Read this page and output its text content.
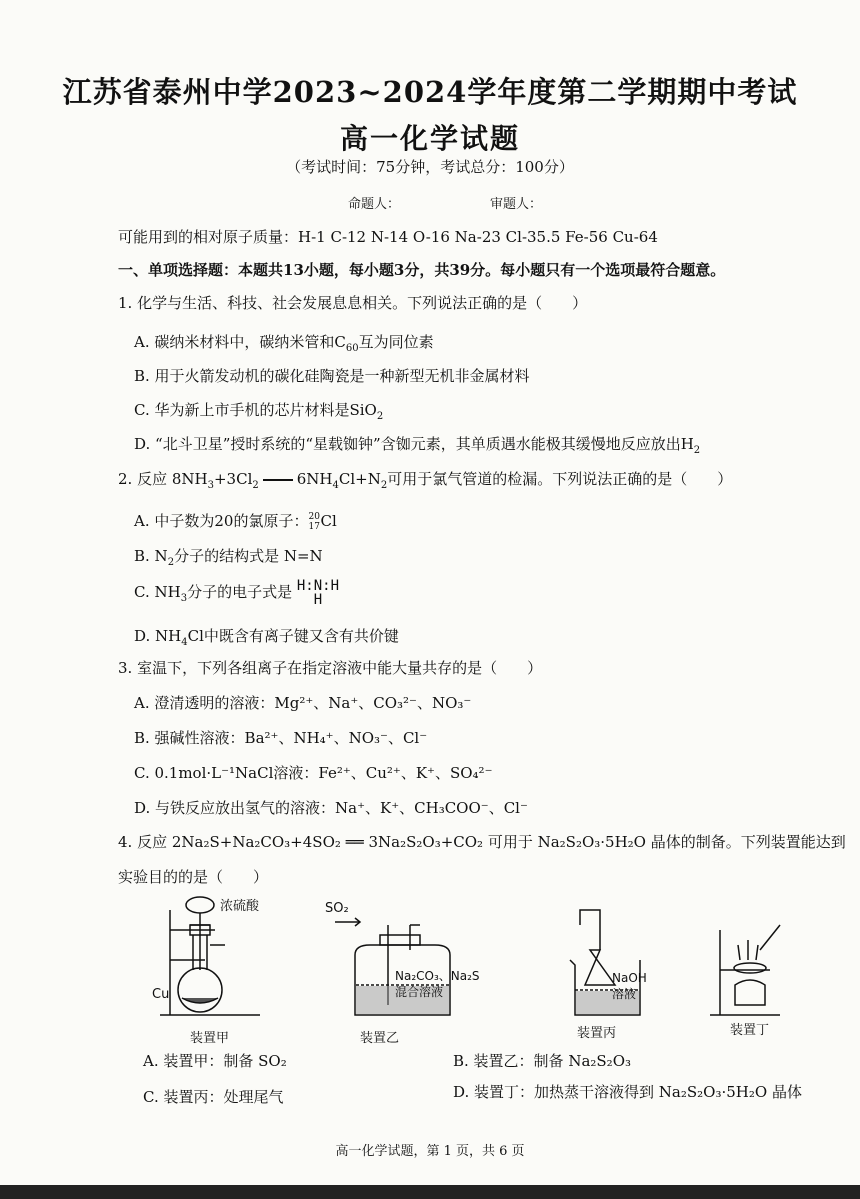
江苏省泰州中学2023~2024学年度第二学期期中考试
高一化学试题
（考试时间：75分钟，考试总分：100分）
命题人：	审题人：
可能用到的相对原子质量：H-1 C-12 N-14 O-16 Na-23 Cl-35.5 Fe-56 Cu-64
一、单项选择题：本题共13小题，每小题3分，共39分。每小题只有一个选项最符合题意。
1. 化学与生活、科技、社会发展息息相关。下列说法正确的是（　　）
A. 碳纳米材料中，碳纳米管和$C_{60}$互为同位素
B. 用于火箭发动机的碳化硅陶瓷是一种新型无机非金属材料
C. 华为新上市手机的芯片材料是SiO$_2$
D. “北斗卫星”授时系统的“星载铷钟”含铷元素，其单质遇水能极其缓慢地反应放出$H_2$
2. 反应 $8NH_3+3Cl_2$	$6NH_4Cl+N_2$可用于氯气管道的检漏。下列说法正确的是（　　）
A. 中子数为20的氯原子： 20
17 Cl
B. $N_2$分子的结构式是 N=N
C. $NH_3$分子的电子式是 H:N:H
H
D. $NH_4Cl$中既含有离子键又含有共价键
3. 室温下，下列各组离子在指定溶液中能大量共存的是（　　）
A. 澄清透明的溶液：Mg²⁺、Na⁺、CO₃²⁻、NO₃⁻
B. 强碱性溶液：Ba²⁺、NH₄⁺、NO₃⁻、Cl⁻
C. 0.1mol·L⁻¹NaCl溶液：Fe²⁺、Cu²⁺、K⁺、SO₄²⁻
D. 与铁反应放出氢气的溶液：Na⁺、K⁺、CH₃COO⁻、Cl⁻
4. 反应 2Na₂S+Na₂CO₃+4SO₂ ══ 3Na₂S₂O₃+CO₂ 可用于 Na₂S₂O₃·5H₂O 晶体的制备。下列装置能达到
实验目的的是（　　）
浓硫酸
Cu
SO₂
Na₂CO₃、Na₂S
混合溶液
NaOH
溶液
装置甲	装置乙	装置丙	装置丁
A. 装置甲：制备 SO₂	B. 装置乙：制备 Na₂S₂O₃
C. 装置丙：处理尾气	D. 装置丁：加热蒸干溶液得到 Na₂S₂O₃·5H₂O 晶体
高一化学试题，第 1 页，共 6 页
